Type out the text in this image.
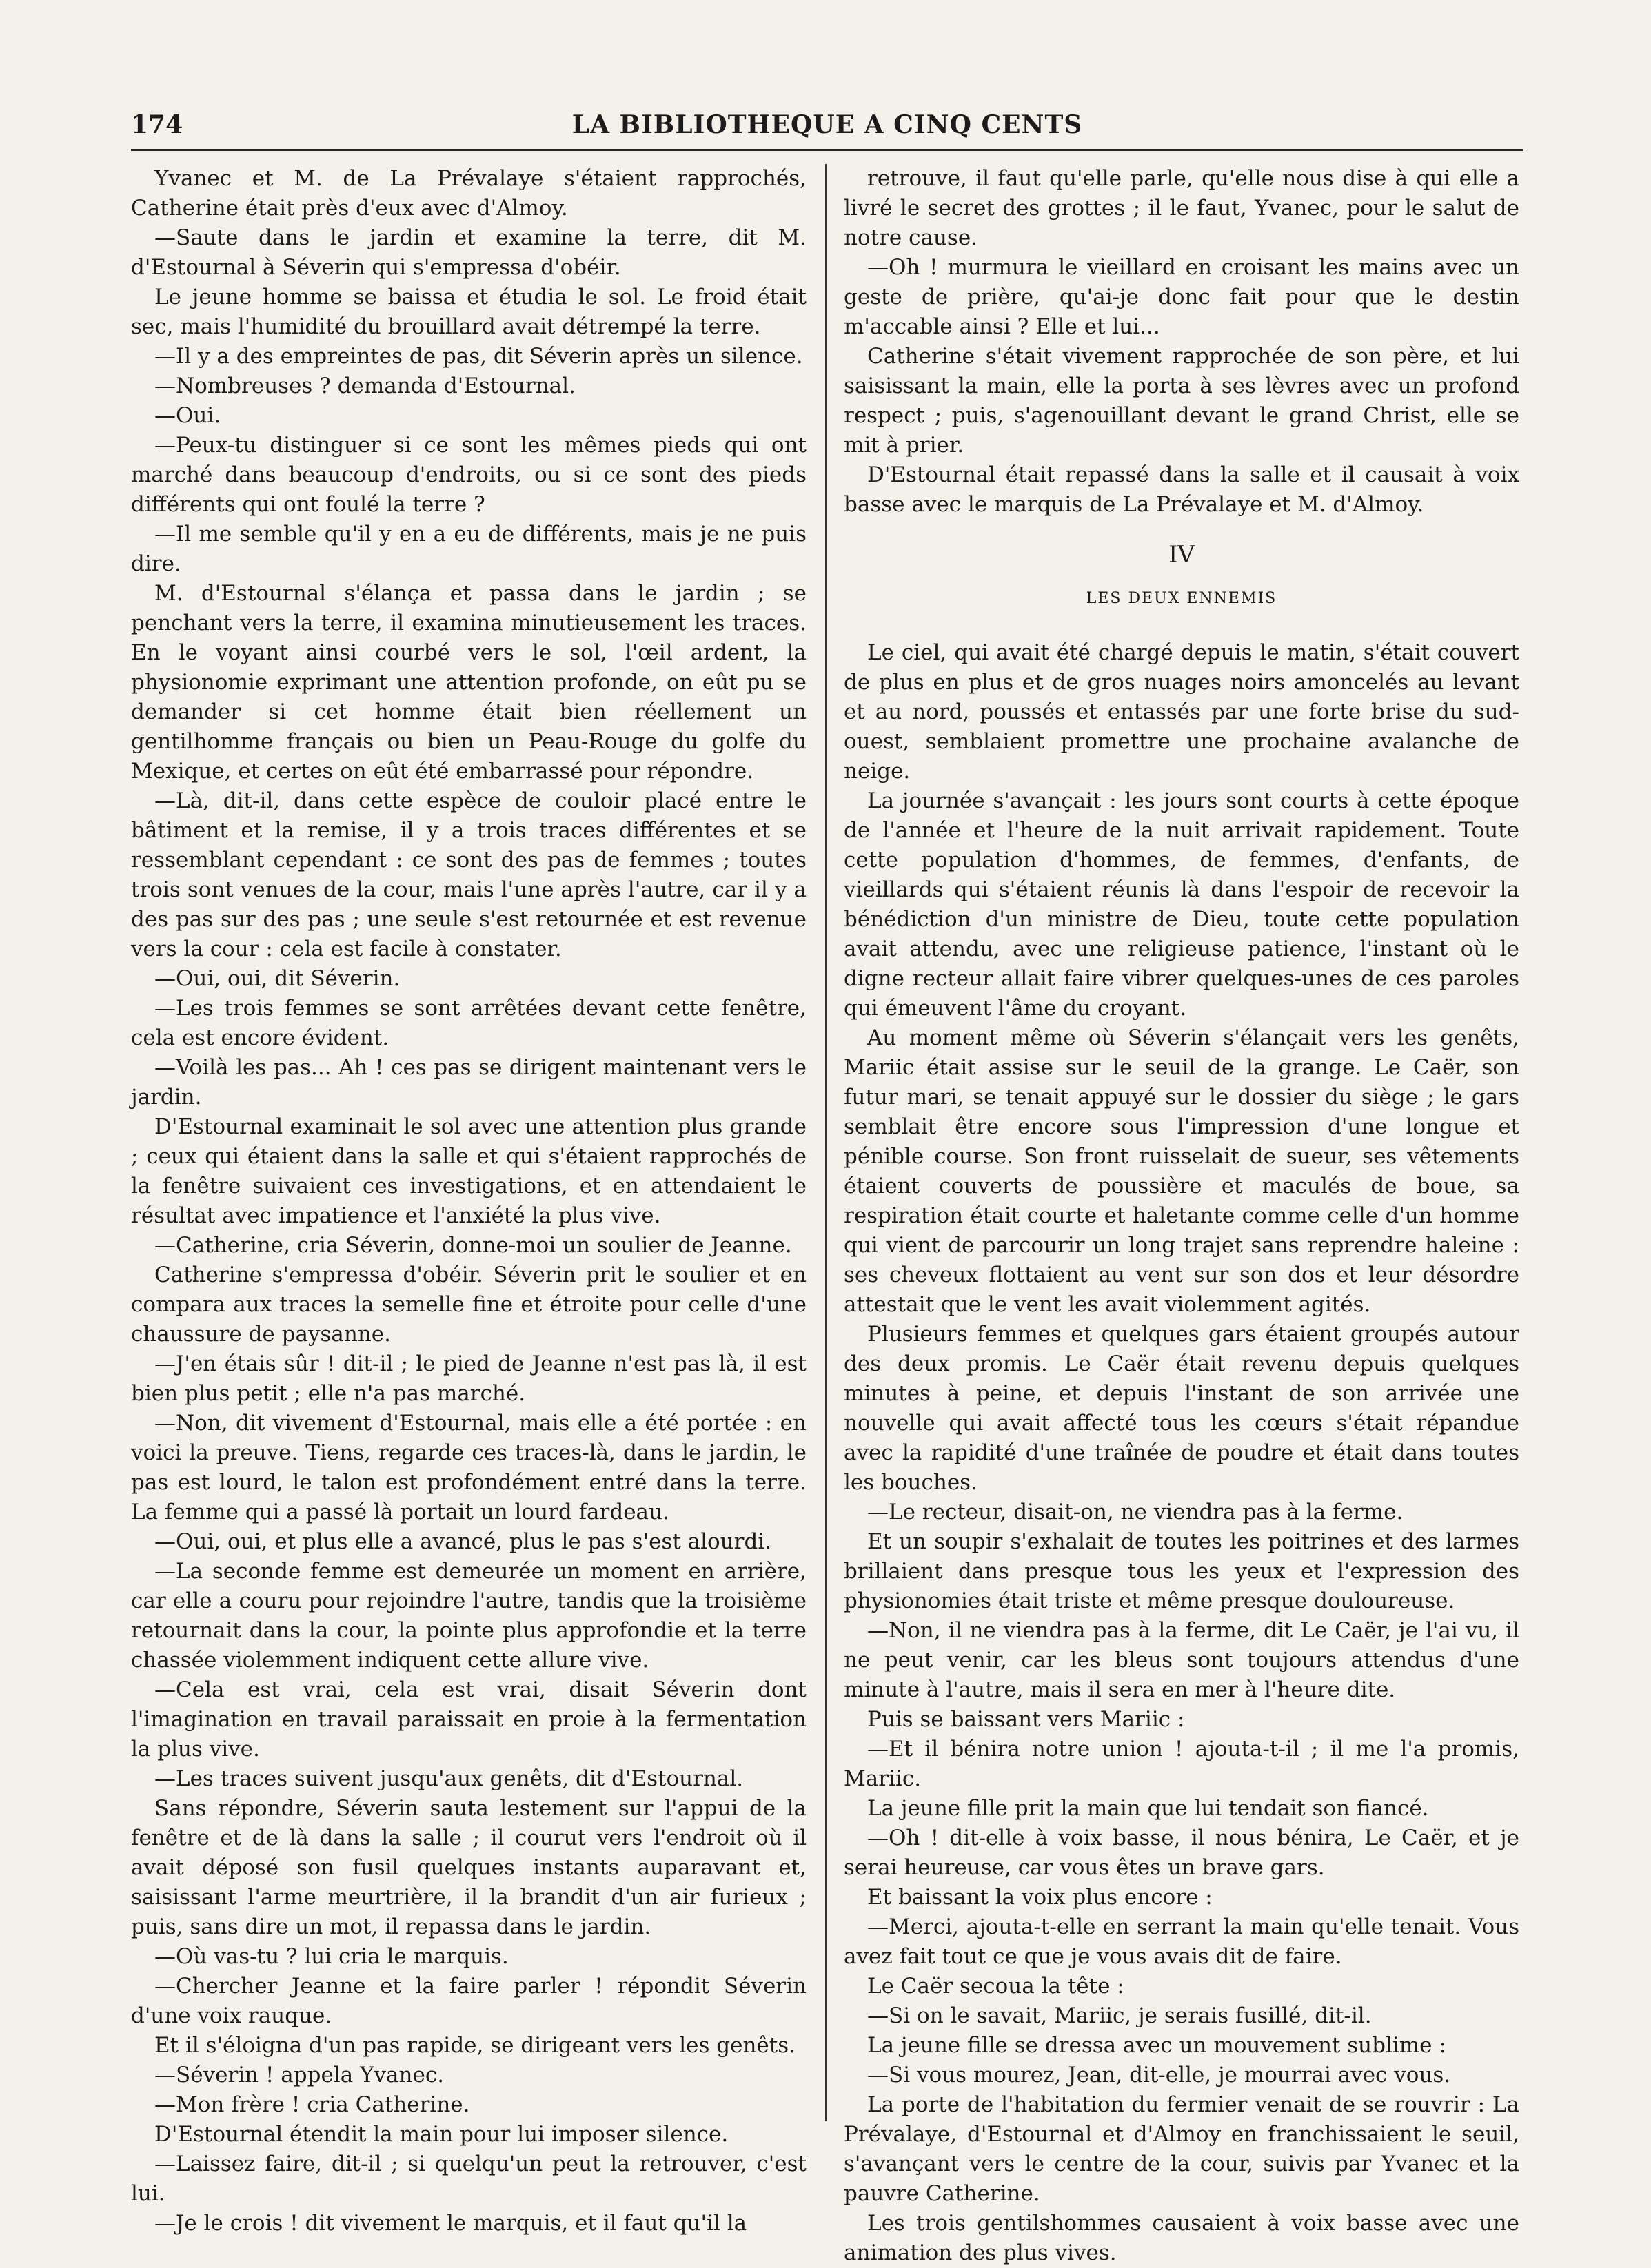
174	LA BIBLIOTHEQUE A CINQ CENTS

Yvanec et M. de La Prévalaye s'étaient rapprochés, Catherine était près d'eux avec d'Almoy.

—Saute dans le jardin et examine la terre, dit M. d'Estournal à Séverin qui s'empressa d'obéir.

Le jeune homme se baissa et étudia le sol. Le froid était sec, mais l'humidité du brouillard avait détrempé la terre.

—Il y a des empreintes de pas, dit Séverin après un silence.

—Nombreuses ? demanda d'Estournal.

—Oui.

—Peux-tu distinguer si ce sont les mêmes pieds qui ont marché dans beaucoup d'endroits, ou si ce sont des pieds différents qui ont foulé la terre ?

—Il me semble qu'il y en a eu de différents, mais je ne puis dire.

M. d'Estournal s'élança et passa dans le jardin ; se penchant vers la terre, il examina minutieusement les traces. En le voyant ainsi courbé vers le sol, l'œil ardent, la physionomie exprimant une attention profonde, on eût pu se demander si cet homme était bien réellement un gentilhomme français ou bien un Peau-Rouge du golfe du Mexique, et certes on eût été embarrassé pour répondre.

—Là, dit-il, dans cette espèce de couloir placé entre le bâtiment et la remise, il y a trois traces différentes et se ressemblant cependant : ce sont des pas de femmes ; toutes trois sont venues de la cour, mais l'une après l'autre, car il y a des pas sur des pas ; une seule s'est retournée et est revenue vers la cour : cela est facile à constater.

—Oui, oui, dit Séverin.

—Les trois femmes se sont arrêtées devant cette fenêtre, cela est encore évident.

—Voilà les pas... Ah ! ces pas se dirigent maintenant vers le jardin.

D'Estournal examinait le sol avec une attention plus grande ; ceux qui étaient dans la salle et qui s'étaient rapprochés de la fenêtre suivaient ces investigations, et en attendaient le résultat avec impatience et l'anxiété la plus vive.

—Catherine, cria Séverin, donne-moi un soulier de Jeanne.

Catherine s'empressa d'obéir. Séverin prit le soulier et en compara aux traces la semelle fine et étroite pour celle d'une chaussure de paysanne.

—J'en étais sûr ! dit-il ; le pied de Jeanne n'est pas là, il est bien plus petit ; elle n'a pas marché.

—Non, dit vivement d'Estournal, mais elle a été portée : en voici la preuve. Tiens, regarde ces traces-là, dans le jardin, le pas est lourd, le talon est profondément entré dans la terre. La femme qui a passé là portait un lourd fardeau.

—Oui, oui, et plus elle a avancé, plus le pas s'est alourdi.

—La seconde femme est demeurée un moment en arrière, car elle a couru pour rejoindre l'autre, tandis que la troisième retournait dans la cour, la pointe plus approfondie et la terre chassée violemment indiquent cette allure vive.

—Cela est vrai, cela est vrai, disait Séverin dont l'imagination en travail paraissait en proie à la fermentation la plus vive.

—Les traces suivent jusqu'aux genêts, dit d'Estournal.

Sans répondre, Séverin sauta lestement sur l'appui de la fenêtre et de là dans la salle ; il courut vers l'endroit où il avait déposé son fusil quelques instants auparavant et, saisissant l'arme meurtrière, il la brandit d'un air furieux ; puis, sans dire un mot, il repassa dans le jardin.

—Où vas-tu ? lui cria le marquis.

—Chercher Jeanne et la faire parler ! répondit Séverin d'une voix rauque.

Et il s'éloigna d'un pas rapide, se dirigeant vers les genêts.

—Séverin ! appela Yvanec.

—Mon frère ! cria Catherine.

D'Estournal étendit la main pour lui imposer silence.

—Laissez faire, dit-il ; si quelqu'un peut la retrouver, c'est lui.

—Je le crois ! dit vivement le marquis, et il faut qu'il la

retrouve, il faut qu'elle parle, qu'elle nous dise à qui elle a livré le secret des grottes ; il le faut, Yvanec, pour le salut de notre cause.

—Oh ! murmura le vieillard en croisant les mains avec un geste de prière, qu'ai-je donc fait pour que le destin m'accable ainsi ? Elle et lui...

Catherine s'était vivement rapprochée de son père, et lui saisissant la main, elle la porta à ses lèvres avec un profond respect ; puis, s'agenouillant devant le grand Christ, elle se mit à prier.

D'Estournal était repassé dans la salle et il causait à voix basse avec le marquis de La Prévalaye et M. d'Almoy.

IV
LES DEUX ENNEMIS

Le ciel, qui avait été chargé depuis le matin, s'était couvert de plus en plus et de gros nuages noirs amoncelés au levant et au nord, poussés et entassés par une forte brise du sud-ouest, semblaient promettre une prochaine avalanche de neige.

La journée s'avançait : les jours sont courts à cette époque de l'année et l'heure de la nuit arrivait rapidement. Toute cette population d'hommes, de femmes, d'enfants, de vieillards qui s'étaient réunis là dans l'espoir de recevoir la bénédiction d'un ministre de Dieu, toute cette population avait attendu, avec une religieuse patience, l'instant où le digne recteur allait faire vibrer quelques-unes de ces paroles qui émeuvent l'âme du croyant.

Au moment même où Séverin s'élançait vers les genêts, Mariic était assise sur le seuil de la grange. Le Caër, son futur mari, se tenait appuyé sur le dossier du siège ; le gars semblait être encore sous l'impression d'une longue et pénible course. Son front ruisselait de sueur, ses vêtements étaient couverts de poussière et maculés de boue, sa respiration était courte et haletante comme celle d'un homme qui vient de parcourir un long trajet sans reprendre haleine : ses cheveux flottaient au vent sur son dos et leur désordre attestait que le vent les avait violemment agités.

Plusieurs femmes et quelques gars étaient groupés autour des deux promis. Le Caër était revenu depuis quelques minutes à peine, et depuis l'instant de son arrivée une nouvelle qui avait affecté tous les cœurs s'était répandue avec la rapidité d'une traînée de poudre et était dans toutes les bouches.

—Le recteur, disait-on, ne viendra pas à la ferme.

Et un soupir s'exhalait de toutes les poitrines et des larmes brillaient dans presque tous les yeux et l'expression des physionomies était triste et même presque douloureuse.

—Non, il ne viendra pas à la ferme, dit Le Caër, je l'ai vu, il ne peut venir, car les bleus sont toujours attendus d'une minute à l'autre, mais il sera en mer à l'heure dite.

Puis se baissant vers Mariic :

—Et il bénira notre union ! ajouta-t-il ; il me l'a promis, Mariic.

La jeune fille prit la main que lui tendait son fiancé.

—Oh ! dit-elle à voix basse, il nous bénira, Le Caër, et je serai heureuse, car vous êtes un brave gars.

Et baissant la voix plus encore :

—Merci, ajouta-t-elle en serrant la main qu'elle tenait. Vous avez fait tout ce que je vous avais dit de faire.

Le Caër secoua la tête :

—Si on le savait, Mariic, je serais fusillé, dit-il.

La jeune fille se dressa avec un mouvement sublime :

—Si vous mourez, Jean, dit-elle, je mourrai avec vous.

La porte de l'habitation du fermier venait de se rouvrir : La Prévalaye, d'Estournal et d'Almoy en franchissaient le seuil, s'avançant vers le centre de la cour, suivis par Yvanec et la pauvre Catherine.

Les trois gentilshommes causaient à voix basse avec une animation des plus vives.
